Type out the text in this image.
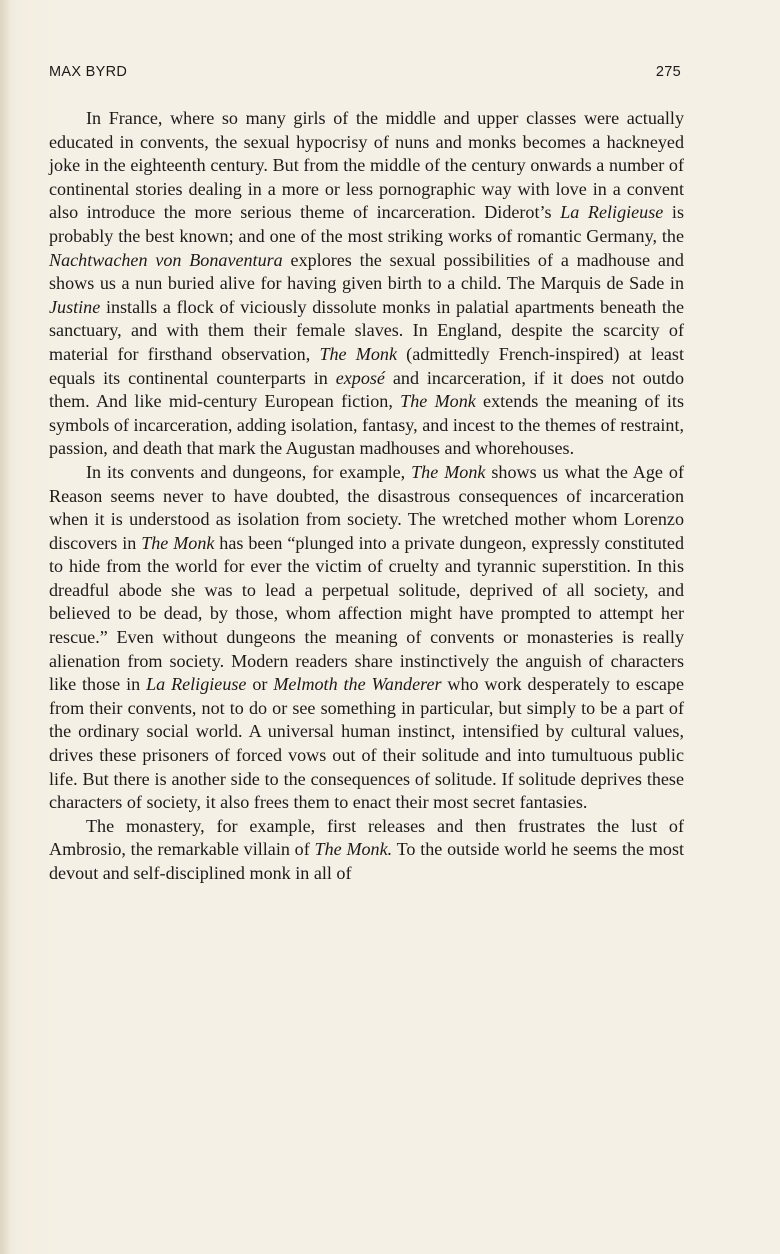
MAX BYRD	275

In France, where so many girls of the middle and upper classes were actually educated in convents, the sexual hypocrisy of nuns and monks becomes a hackneyed joke in the eighteenth century. But from the middle of the century onwards a number of continental stories dealing in a more or less pornographic way with love in a convent also introduce the more serious theme of incarceration. Diderot’s La Religieuse is probably the best known; and one of the most striking works of romantic Germany, the Nachtwachen von Bonaventura explores the sexual possibilities of a madhouse and shows us a nun buried alive for having given birth to a child. The Marquis de Sade in Justine installs a flock of viciously dissolute monks in palatial apartments beneath the sanctuary, and with them their female slaves. In England, despite the scarcity of material for firsthand observation, The Monk (admittedly French-inspired) at least equals its continental counterparts in exposé and incarceration, if it does not outdo them. And like mid-century European fiction, The Monk extends the meaning of its symbols of incarceration, adding isolation, fantasy, and incest to the themes of restraint, passion, and death that mark the Augustan madhouses and whorehouses.

In its convents and dungeons, for example, The Monk shows us what the Age of Reason seems never to have doubted, the disastrous consequences of incarceration when it is understood as isolation from society. The wretched mother whom Lorenzo discovers in The Monk has been “plunged into a private dungeon, expressly constituted to hide from the world for ever the victim of cruelty and tyrannic superstition. In this dreadful abode she was to lead a perpetual solitude, deprived of all society, and believed to be dead, by those, whom affection might have prompted to attempt her rescue.” Even without dungeons the meaning of convents or monasteries is really alienation from society. Modern readers share instinctively the anguish of characters like those in La Religieuse or Melmoth the Wanderer who work desperately to escape from their convents, not to do or see something in particular, but simply to be a part of the ordinary social world. A universal human instinct, intensified by cultural values, drives these prisoners of forced vows out of their solitude and into tumultuous public life. But there is another side to the consequences of solitude. If solitude deprives these characters of society, it also frees them to enact their most secret fantasies.

The monastery, for example, first releases and then frustrates the lust of Ambrosio, the remarkable villain of The Monk. To the outside world he seems the most devout and self-disciplined monk in all of
